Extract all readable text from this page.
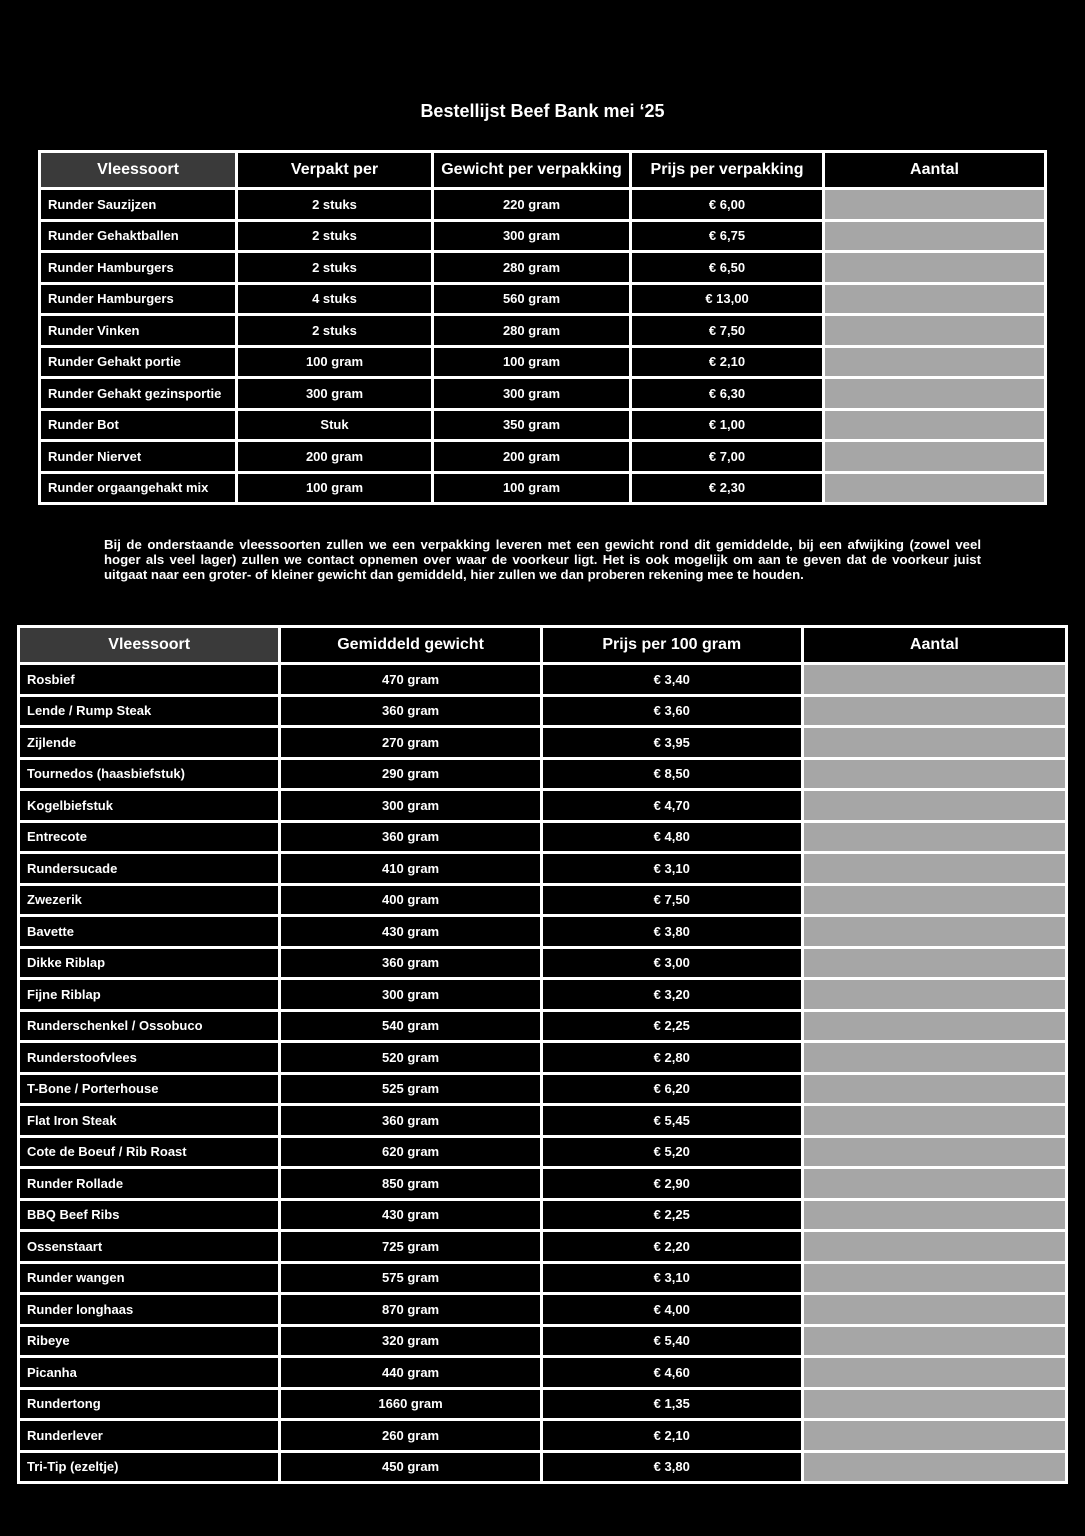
Bestellijst Beef Bank mei ‘25
Vleessoort	Verpakt per	Gewicht per verpakking	Prijs per verpakking	Aantal
Runder Sauzijzen	2 stuks	220 gram	€ 6,00	
Runder Gehaktballen	2 stuks	300 gram	€ 6,75	
Runder Hamburgers	2 stuks	280 gram	€ 6,50	
Runder Hamburgers	4 stuks	560 gram	€ 13,00	
Runder Vinken	2 stuks	280 gram	€ 7,50	
Runder Gehakt portie	100 gram	100 gram	€ 2,10	
Runder Gehakt gezinsportie	300 gram	300 gram	€ 6,30	
Runder Bot	Stuk	350 gram	€ 1,00	
Runder Niervet	200 gram	200 gram	€ 7,00	
Runder orgaangehakt mix	100 gram	100 gram	€ 2,30	
Bij de onderstaande vleessoorten zullen we een verpakking leveren met een gewicht rond dit gemiddelde, bij een afwijking (zowel veel hoger als veel lager) zullen we contact opnemen over waar de voorkeur ligt. Het is ook mogelijk om aan te geven dat de voorkeur juist uitgaat naar een groter- of kleiner gewicht dan gemiddeld, hier zullen we dan proberen rekening mee te houden.
Vleessoort	Gemiddeld gewicht	Prijs per 100 gram	Aantal
Rosbief	470 gram	€ 3,40	
Lende / Rump Steak	360 gram	€ 3,60	
Zijlende	270 gram	€ 3,95	
Tournedos (haasbiefstuk)	290 gram	€ 8,50	
Kogelbiefstuk	300 gram	€ 4,70	
Entrecote	360 gram	€ 4,80	
Rundersucade	410 gram	€ 3,10	
Zwezerik	400 gram	€ 7,50	
Bavette	430 gram	€ 3,80	
Dikke Riblap	360 gram	€ 3,00	
Fijne Riblap	300 gram	€ 3,20	
Runderschenkel / Ossobuco	540 gram	€ 2,25	
Runderstoofvlees	520 gram	€ 2,80	
T-Bone / Porterhouse	525 gram	€ 6,20	
Flat Iron Steak	360 gram	€ 5,45	
Cote de Boeuf / Rib Roast	620 gram	€ 5,20	
Runder Rollade	850 gram	€ 2,90	
BBQ Beef Ribs	430 gram	€ 2,25	
Ossenstaart	725 gram	€ 2,20	
Runder wangen	575 gram	€ 3,10	
Runder longhaas	870 gram	€ 4,00	
Ribeye	320 gram	€ 5,40	
Picanha	440 gram	€ 4,60	
Rundertong	1660 gram	€ 1,35	
Runderlever	260 gram	€ 2,10	
Tri-Tip (ezeltje)	450 gram	€ 3,80	
